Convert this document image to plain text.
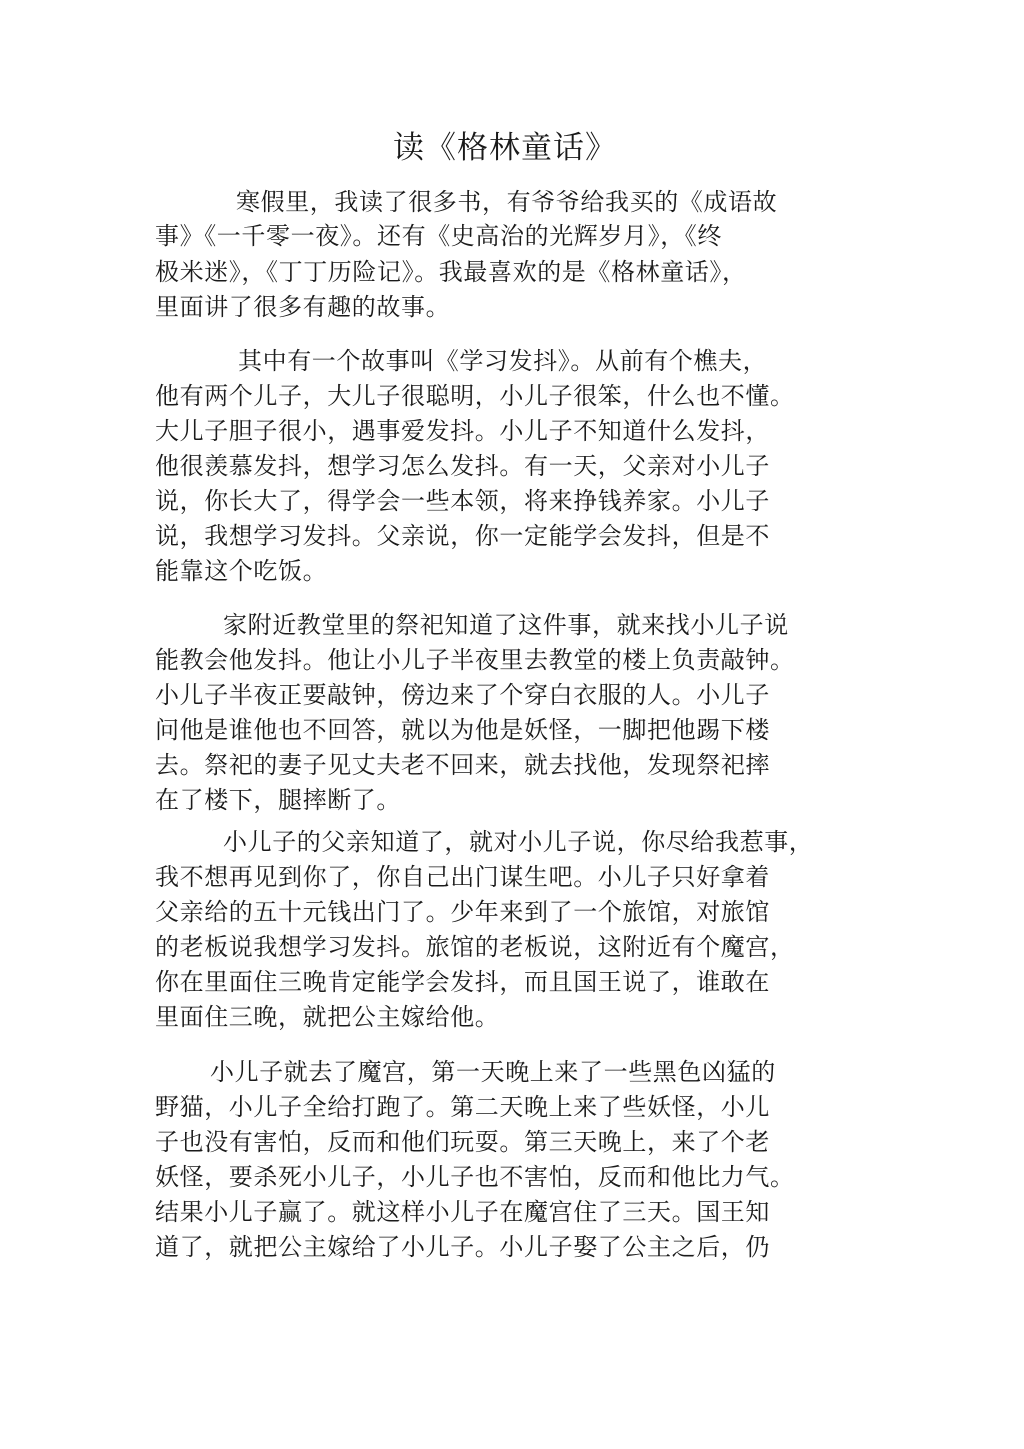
读《格林童话》
寒假里，我读了很多书，有爷爷给我买的《成语故
事》《一千零一夜》。还有《史高治的光辉岁月》，《终
极米迷》，《丁丁历险记》。我最喜欢的是《格林童话》，
里面讲了很多有趣的故事。
其中有一个故事叫《学习发抖》。从前有个樵夫，
他有两个儿子，大儿子很聪明，小儿子很笨，什么也不懂。
大儿子胆子很小，遇事爱发抖。小儿子不知道什么发抖，
他很羡慕发抖，想学习怎么发抖。有一天，父亲对小儿子
说，你长大了，得学会一些本领，将来挣钱养家。小儿子
说，我想学习发抖。父亲说，你一定能学会发抖，但是不
能靠这个吃饭。
家附近教堂里的祭祀知道了这件事，就来找小儿子说
能教会他发抖。他让小儿子半夜里去教堂的楼上负责敲钟。
小儿子半夜正要敲钟，傍边来了个穿白衣服的人。小儿子
问他是谁他也不回答，就以为他是妖怪，一脚把他踢下楼
去。祭祀的妻子见丈夫老不回来，就去找他，发现祭祀摔
在了楼下，腿摔断了。
小儿子的父亲知道了，就对小儿子说，你尽给我惹事，
我不想再见到你了，你自己出门谋生吧。小儿子只好拿着
父亲给的五十元钱出门了。少年来到了一个旅馆，对旅馆
的老板说我想学习发抖。旅馆的老板说，这附近有个魔宫，
你在里面住三晚肯定能学会发抖，而且国王说了，谁敢在
里面住三晚，就把公主嫁给他。
小儿子就去了魔宫，第一天晚上来了一些黑色凶猛的
野猫，小儿子全给打跑了。第二天晚上来了些妖怪，小儿
子也没有害怕，反而和他们玩耍。第三天晚上，来了个老
妖怪，要杀死小儿子，小儿子也不害怕，反而和他比力气。
结果小儿子赢了。就这样小儿子在魔宫住了三天。国王知
道了，就把公主嫁给了小儿子。小儿子娶了公主之后，仍
